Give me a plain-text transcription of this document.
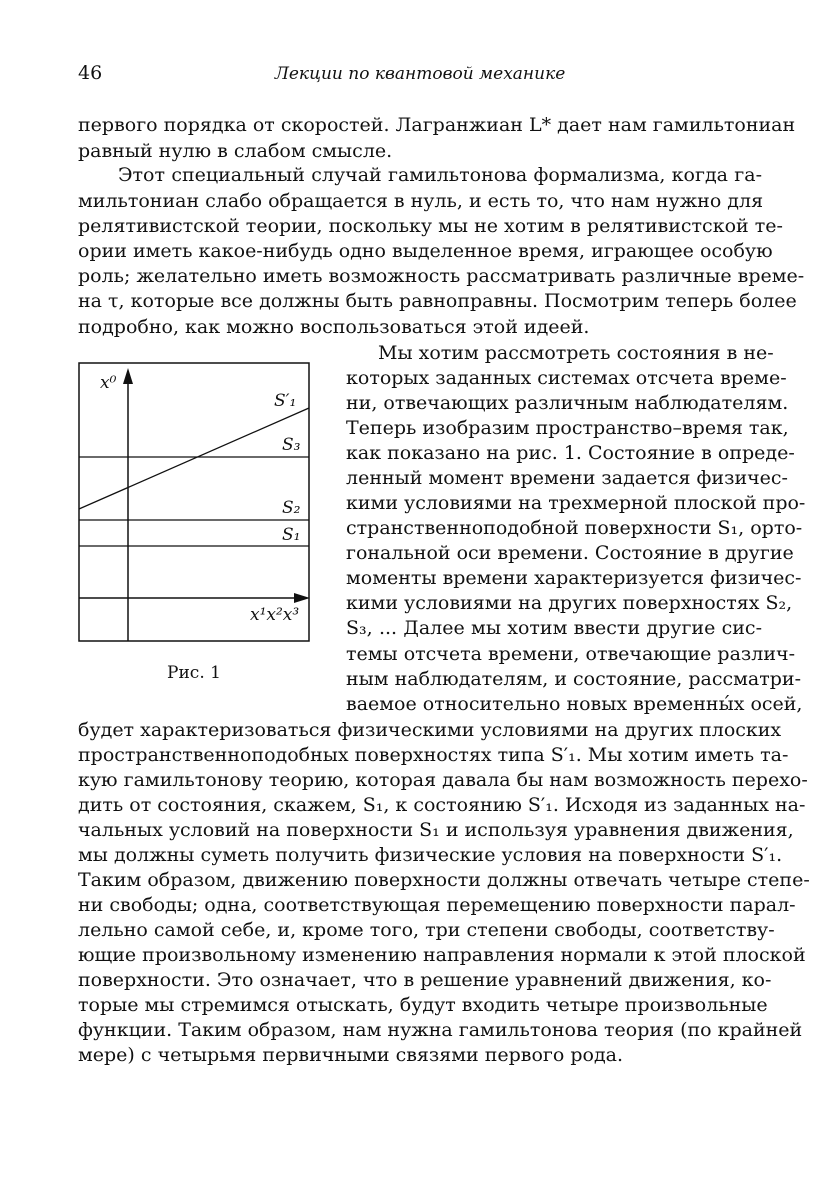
46	Лекции по квантовой механике
первого порядка от скоростей. Лагранжиан L* дает нам гамильтониан
равный нулю в слабом смысле.
Этот специальный случай гамильтонова формализма, когда га-
мильтониан слабо обращается в нуль, и есть то, что нам нужно для
релятивистской теории, поскольку мы не хотим в релятивистской те-
ории иметь какое-нибудь одно выделенное время, играющее особую
роль; желательно иметь возможность рассматривать различные време-
на τ, которые все должны быть равноправны. Посмотрим теперь более
подробно, как можно воспользоваться этой идеей.
Мы хотим рассмотреть состояния в не-
которых заданных системах отсчета време-
ни, отвечающих различным наблюдателям.
Теперь изобразим пространство–время так,
как показано на рис. 1. Состояние в опреде-
ленный момент времени задается физичес-
кими условиями на трехмерной плоской про-
странственноподобной поверхности S₁, орто-
гональной оси времени. Состояние в другие
моменты времени характеризуется физичес-
кими условиями на других поверхностях S₂,
S₃, ... Далее мы хотим ввести другие сис-
темы отсчета времени, отвечающие различ-
ным наблюдателям, и состояние, рассматри-
ваемое относительно новых временны́х осей,
будет характеризоваться физическими условиями на других плоских
пространственноподобных поверхностях типа S′₁. Мы хотим иметь та-
кую гамильтонову теорию, которая давала бы нам возможность перехо-
дить от состояния, скажем, S₁, к состоянию S′₁. Исходя из заданных на-
чальных условий на поверхности S₁ и используя уравнения движения,
мы должны суметь получить физические условия на поверхности S′₁.
Таким образом, движению поверхности должны отвечать четыре степе-
ни свободы; одна, соответствующая перемещению поверхности парал-
лельно самой себе, и, кроме того, три степени свободы, соответству-
ющие произвольному изменению направления нормали к этой плоской
поверхности. Это означает, что в решение уравнений движения, ко-
торые мы стремимся отыскать, будут входить четыре произвольные
функции. Таким образом, нам нужна гамильтонова теория (по крайней
мере) с четырьмя первичными связями первого рода.
x⁰
x¹x²x³
S′₁
S₃
S₂
S₁
Рис. 1
